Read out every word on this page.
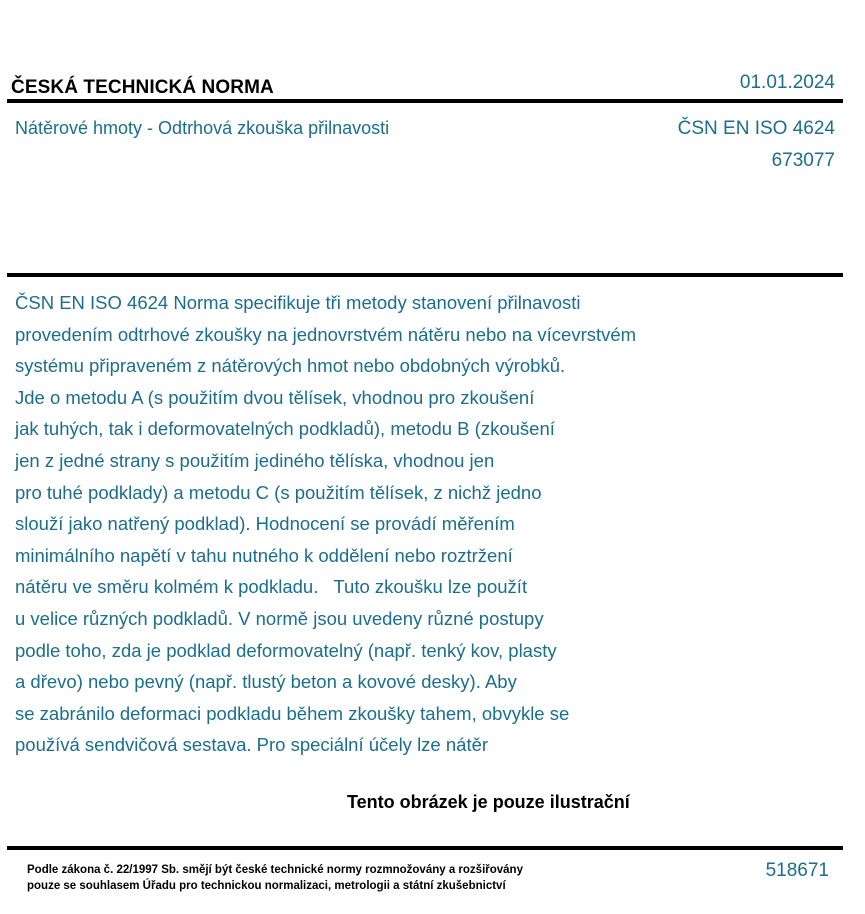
ČESKÁ TECHNICKÁ NORMA	01.01.2024
Nátěrové hmoty - Odtrhová zkouška přilnavosti	ČSN EN ISO 4624
673077
ČSN EN ISO 4624 Norma specifikuje tři metody stanovení přilnavosti
provedením odtrhové zkoušky na jednovrstvém nátěru nebo na vícevrstvém
systému připraveném z nátěrových hmot nebo obdobných výrobků.
Jde o metodu A (s použitím dvou tělísek, vhodnou pro zkoušení
jak tuhých, tak i deformovatelných podkladů), metodu B (zkoušení
jen z jedné strany s použitím jediného tělíska, vhodnou jen
pro tuhé podklady) a metodu C (s použitím tělísek, z nichž jedno
slouží jako natřený podklad). Hodnocení se provádí měřením
minimálního napětí v tahu nutného k oddělení nebo roztržení
nátěru ve směru kolmém k podkladu.   Tuto zkoušku lze použít
u velice různých podkladů. V normě jsou uvedeny různé postupy
podle toho, zda je podklad deformovatelný (např. tenký kov, plasty
a dřevo) nebo pevný (např. tlustý beton a kovové desky). Aby
se zabránilo deformaci podkladu během zkoušky tahem, obvykle se
používá sendvičová sestava. Pro speciální účely lze nátěr
Tento obrázek je pouze ilustrační
Podle zákona č. 22/1997 Sb. smějí být české technické normy rozmnožovány a rozšiřovány
pouze se souhlasem Úřadu pro technickou normalizaci, metrologii a státní zkušebnictví
518671
